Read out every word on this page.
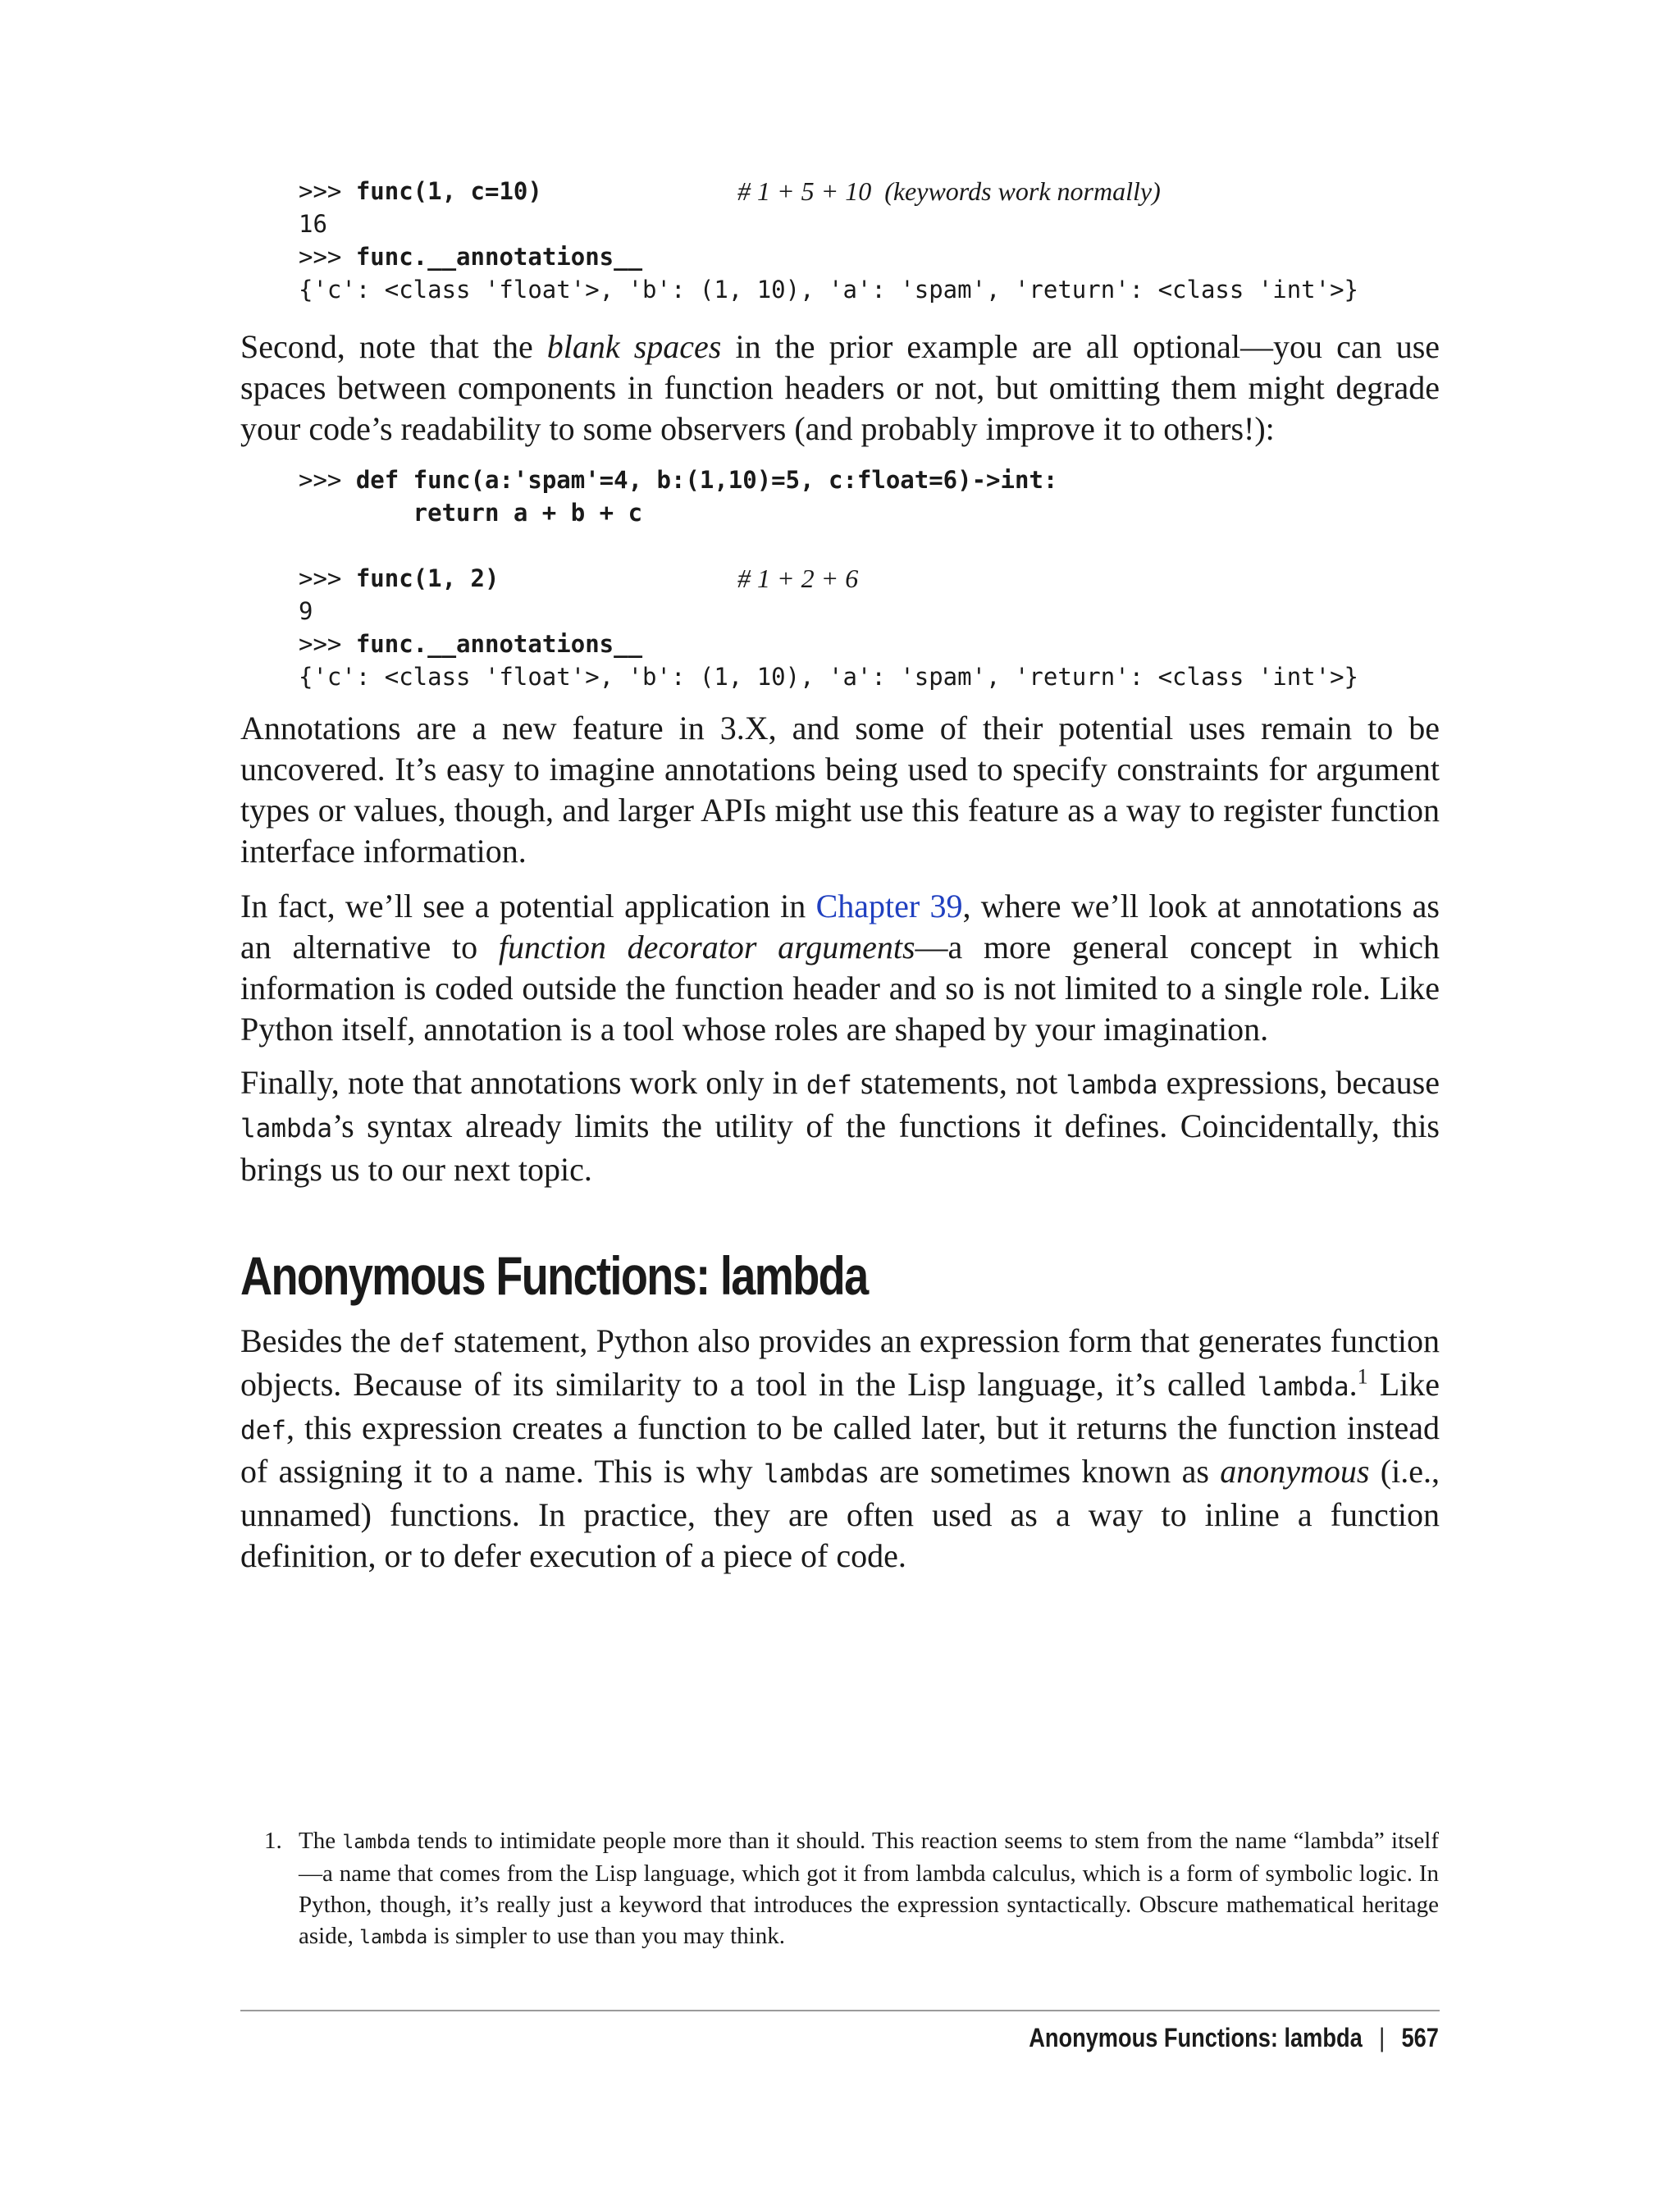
>>> func(1, c=10)	# 1 + 5 + 10  (keywords work normally)
16
>>> func.__annotations__
{'c': <class 'float'>, 'b': (1, 10), 'a': 'spam', 'return': <class 'int'>}

Second, note that the blank spaces in the prior example are all optional—you can use spaces between components in function headers or not, but omitting them might degrade your code’s readability to some observers (and probably improve it to others!):

>>> def func(a:'spam'=4, b:(1,10)=5, c:float=6)->int:
return a + b + c
>>> func(1, 2)	# 1 + 2 + 6
9
>>> func.__annotations__
{'c': <class 'float'>, 'b': (1, 10), 'a': 'spam', 'return': <class 'int'>}

Annotations are a new feature in 3.X, and some of their potential uses remain to be uncovered. It’s easy to imagine annotations being used to specify constraints for argument types or values, though, and larger APIs might use this feature as a way to register function interface information.

In fact, we’ll see a potential application in Chapter 39, where we’ll look at annotations as an alternative to function decorator arguments—a more general concept in which information is coded outside the function header and so is not limited to a single role. Like Python itself, annotation is a tool whose roles are shaped by your imagination.

Finally, note that annotations work only in def statements, not lambda expressions, because lambda’s syntax already limits the utility of the functions it defines. Coincidentally, this brings us to our next topic.

Anonymous Functions: lambda

Besides the def statement, Python also provides an expression form that generates function objects. Because of its similarity to a tool in the Lisp language, it’s called lambda.$^1$ Like def, this expression creates a function to be called later, but it returns the function instead of assigning it to a name. This is why lambdas are sometimes known as anonymous (i.e., unnamed) functions. In practice, they are often used as a way to inline a function definition, or to defer execution of a piece of code.

1. The lambda tends to intimidate people more than it should. This reaction seems to stem from the name “lambda” itself—a name that comes from the Lisp language, which got it from lambda calculus, which is a form of symbolic logic. In Python, though, it’s really just a keyword that introduces the expression syntactically. Obscure mathematical heritage aside, lambda is simpler to use than you may think.
Anonymous Functions: lambda | 567
